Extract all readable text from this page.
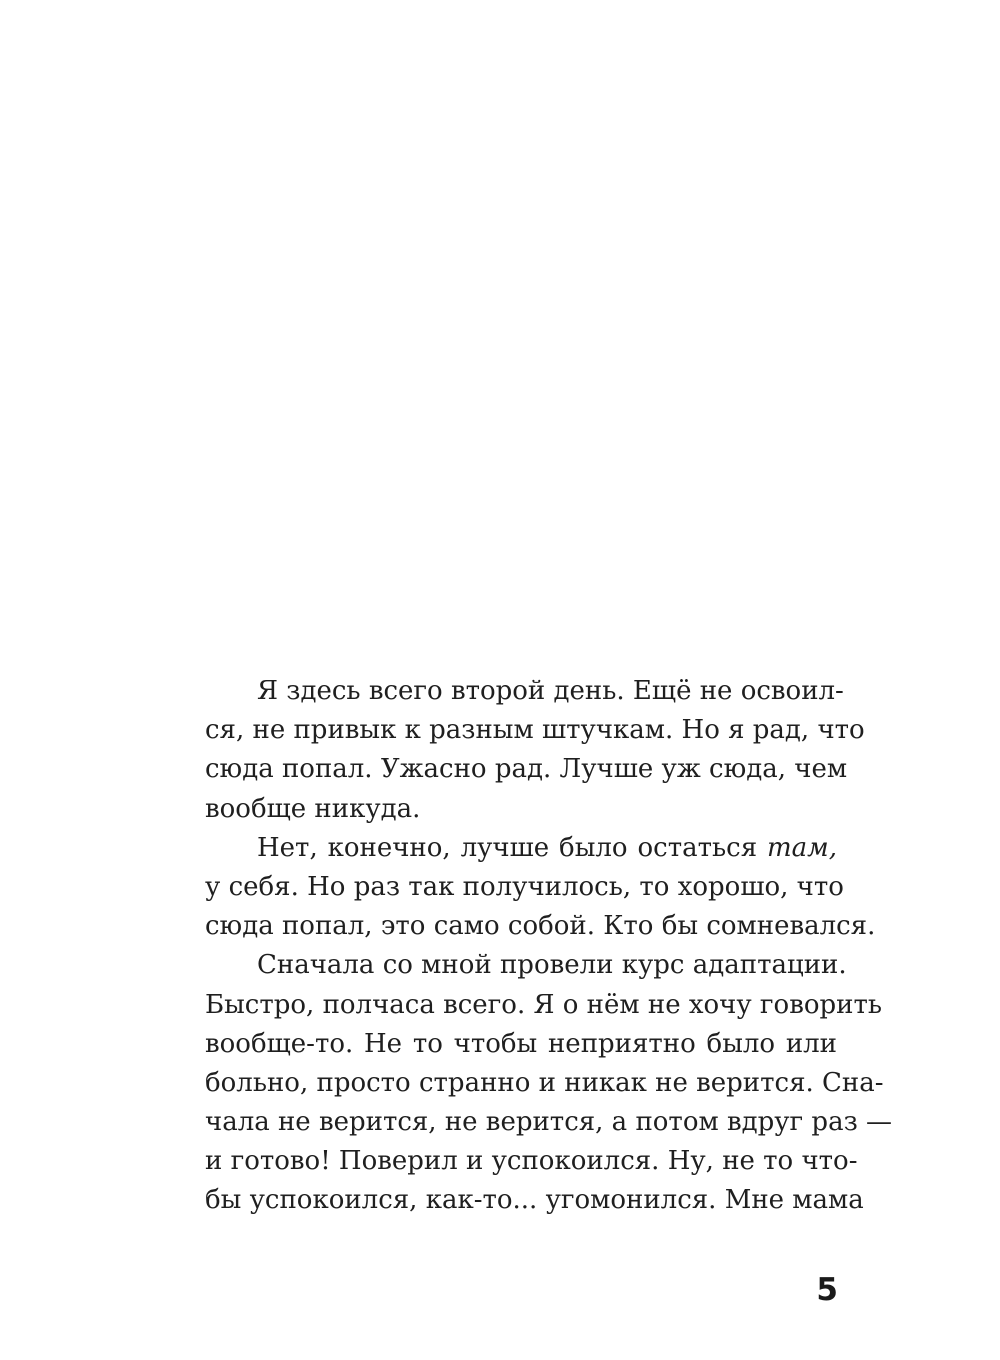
Я здесь всего второй день. Ещё не освоил-
ся, не привык к разным штучкам. Но я рад, что
сюда попал. Ужасно рад. Лучше уж сюда, чем
вообще никуда.
Нет, конечно, лучше было остаться там,
у себя. Но раз так получилось, то хорошо, что
сюда попал, это само собой. Кто бы сомневался.
Сначала со мной провели курс адаптации.
Быстро, полчаса всего. Я о нём не хочу говорить
вообще-то. Не то чтобы неприятно было или
больно, просто странно и никак не верится. Сна-
чала не верится, не верится, а потом вдруг раз —
и готово! Поверил и успокоился. Ну, не то что-
бы успокоился, как-то... угомонился. Мне мама
5
